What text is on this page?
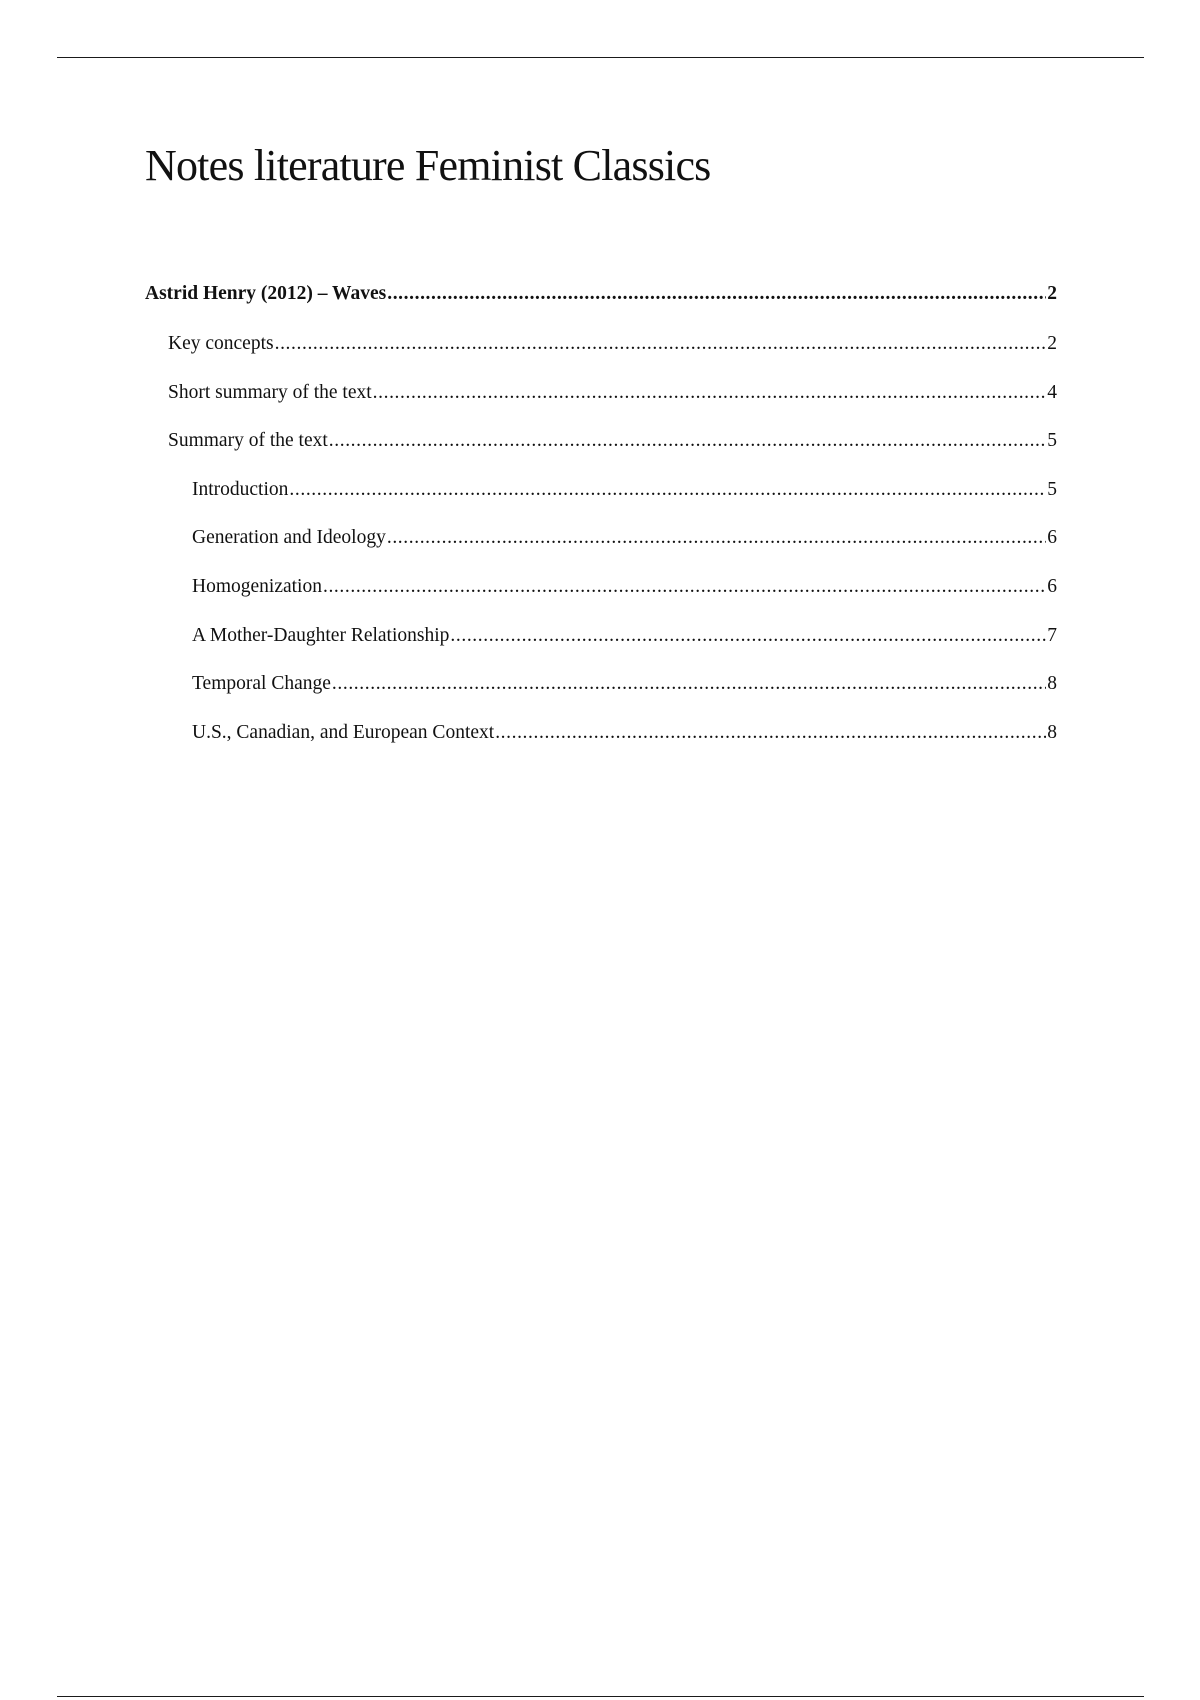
Notes literature Feminist Classics
Astrid Henry (2012) – Waves .....	2
Key concepts .....	2
Short summary of the text .....	4
Summary of the text .....	5
Introduction .....	5
Generation and Ideology .....	6
Homogenization .....	6
A Mother-Daughter Relationship .....	7
Temporal Change .....	8
U.S., Canadian, and European Context .....	8
